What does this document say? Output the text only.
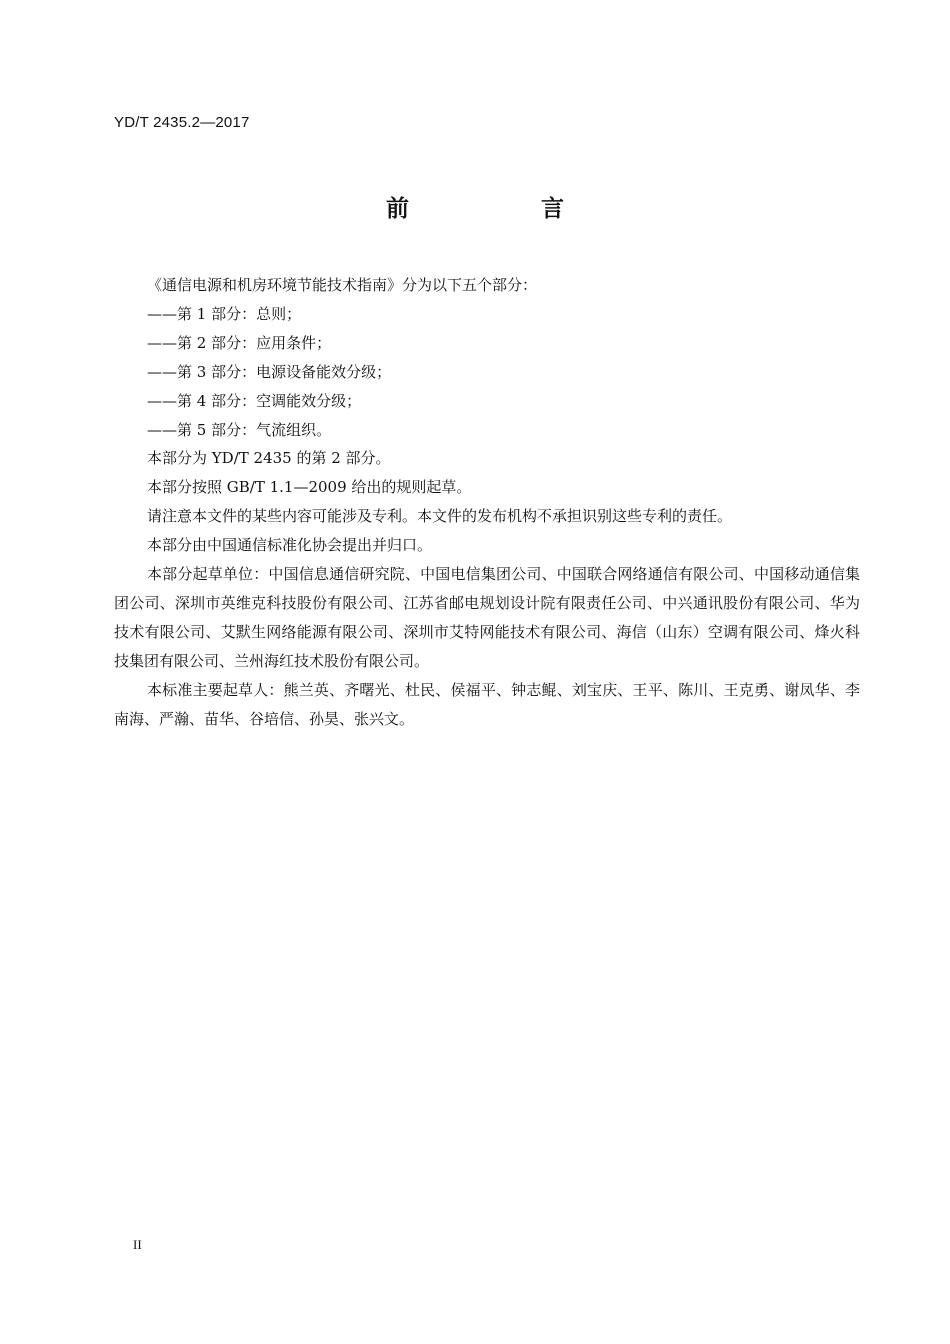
YD/T 2435.2—2017
前 言

《通信电源和机房环境节能技术指南》分为以下五个部分：

——第 1 部分：总则；

——第 2 部分：应用条件；

——第 3 部分：电源设备能效分级；

——第 4 部分：空调能效分级；

——第 5 部分：气流组织。

本部分为 YD/T 2435 的第 2 部分。

本部分按照 GB/T 1.1—2009 给出的规则起草。

请注意本文件的某些内容可能涉及专利。本文件的发布机构不承担识别这些专利的责任。

本部分由中国通信标准化协会提出并归口。

本部分起草单位：中国信息通信研究院、中国电信集团公司、中国联合网络通信有限公司、中国移动通信集团公司、深圳市英维克科技股份有限公司、江苏省邮电规划设计院有限责任公司、中兴通讯股份有限公司、华为技术有限公司、艾默生网络能源有限公司、深圳市艾特网能技术有限公司、海信（山东）空调有限公司、烽火科技集团有限公司、兰州海红技术股份有限公司。

本标准主要起草人：熊兰英、齐曙光、杜民、侯福平、钟志鲲、刘宝庆、王平、陈川、王克勇、谢凤华、李南海、严瀚、苗华、谷培信、孙昊、张兴文。

II
